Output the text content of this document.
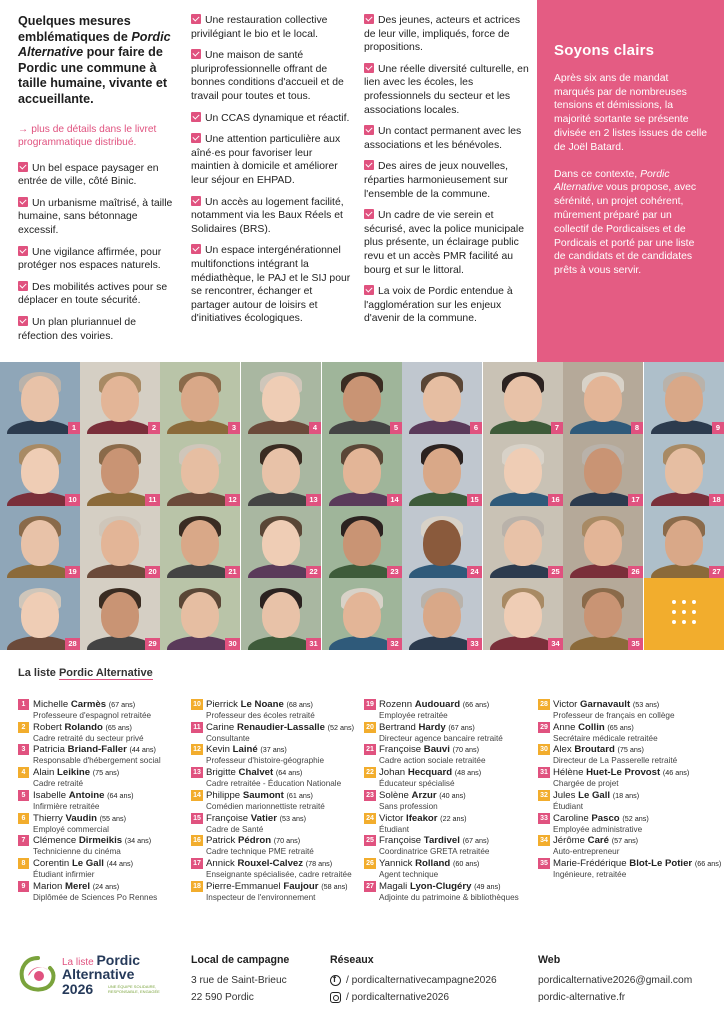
Quelques mesures emblématiques de Pordic Alternative pour faire de Pordic une commune à taille humaine, vivante et accueillante.

→ plus de détails dans le livret programmatique distribué.

Un bel espace paysager en entrée de ville, côté Binic.

Un urbanisme maîtrisé, à taille humaine, sans bétonnage excessif.

Une vigilance affirmée, pour protéger nos espaces naturels.

Des mobilités actives pour se déplacer en toute sécurité.

Un plan pluriannuel de réfection des voiries.

Une restauration collective privilégiant le bio et le local.

Une maison de santé pluriprofessionnelle offrant de bonnes conditions d'accueil et de travail pour toutes et tous.

Un CCAS dynamique et réactif.

Une attention particulière aux aîné·es pour favoriser leur maintien à domicile et améliorer leur séjour en EHPAD.

Un accès au logement facilité, notamment via les Baux Réels et Solidaires (BRS).

Un espace intergénérationnel multifonctions intégrant la médiathèque, le PAJ et le SIJ pour se rencontrer, échanger et partager autour de loisirs et d'initiatives écologiques.

Des jeunes, acteurs et actrices de leur ville, impliqués, force de propositions.

Une réelle diversité culturelle, en lien avec les écoles, les professionnels du secteur et les associations locales.

Un contact permanent avec les associations et les bénévoles.

Des aires de jeux nouvelles, réparties harmonieusement sur l'ensemble de la commune.

Un cadre de vie serein et sécurisé, avec la police municipale plus présente, un éclairage public revu et un accès PMR facilité au bourg et sur le littoral.

La voix de Pordic entendue à l'agglomération sur les enjeux d'avenir de la commune.

Soyons clairs

Après six ans de mandat marqués par de nombreuses tensions et démissions, la majorité sortante se présente divisée en 2 listes issues de celle de Joël Batard.

Dans ce contexte, Pordic Alternative vous propose, avec sérénité, un projet cohérent, mûrement préparé par un collectif de Pordicaises et de Pordicais et porté par une liste de candidats et de candidates prêts à vous servir.

1	2	3	4	5	6	7	8	9
10	11	12	13	14	15	16	17	18
19	20	21	22	23	24	25	26	27
28	29	30	31	32	33	34	35
La liste Pordic Alternative
1 Michelle Carmès (67 ans)
Professeure d'espagnol retraitée
2 Robert Rolando (65 ans)
Cadre retraité du secteur privé
3 Patricia Briand-Faller (44 ans)
Responsable d'hébergement social
4 Alain Leikine (75 ans)
Cadre retraité
5 Isabelle Antoine (64 ans)
Infirmière retraitée
6 Thierry Vaudin (55 ans)
Employé commercial
7 Clémence Dirmeikis (34 ans)
Technicienne du cinéma
8 Corentin Le Gall (44 ans)
Étudiant infirmier
9 Marion Merel (24 ans)
Diplômée de Sciences Po Rennes
10 Pierrick Le Noane (68 ans)
Professeur des écoles retraité
11 Carine Renaudier-Lassalle (52 ans)
Consultante
12 Kevin Lainé (37 ans)
Professeur d'histoire-géographie
13 Brigitte Chalvet (64 ans)
Cadre retraitée - Éducation Nationale
14 Philippe Saumont (61 ans)
Comédien marionnettiste retraité
15 Françoise Vatier (53 ans)
Cadre de Santé
16 Patrick Pédron (70 ans)
Cadre technique PME retraité
17 Annick Rouxel-Calvez (78 ans)
Enseignante spécialisée, cadre retraitée
18 Pierre-Emmanuel Faujour (58 ans)
Inspecteur de l'environnement
19 Rozenn Audouard (66 ans)
Employée retraitée
20 Bertrand Hardy (67 ans)
Directeur agence bancaire retraité
21 Françoise Bauvi (70 ans)
Cadre action sociale retraitée
22 Johan Hecquard (48 ans)
Éducateur spécialisé
23 Solène Arzur (40 ans)
Sans profession
24 Victor Ifeakor (22 ans)
Étudiant
25 Françoise Tardivel (67 ans)
Coordinatrice GRETA retraitée
26 Yannick Rolland (60 ans)
Agent technique
27 Magali Lyon-Clugéry (49 ans)
Adjointe du patrimoine & bibliothèques
28 Victor Garnavault (53 ans)
Professeur de français en collège
29 Anne Collin (65 ans)
Secrétaire médicale retraitée
30 Alex Broutard (75 ans)
Directeur de La Passerelle retraité
31 Hélène Huet-Le Provost (46 ans)
Chargée de projet
32 Jules Le Gall (18 ans)
Étudiant
33 Caroline Pasco (52 ans)
Employée administrative
34 Jérôme Caré (57 ans)
Auto-entrepreneur
35 Marie-Frédérique Blot-Le Potier (66 ans)
Ingénieure, retraitée
La liste Pordic
Alternative
2026	UNE ÉQUIPE SOLIDAIRE, RESPONSABLE, ENGAGÉE
Local de campagne
3 rue de Saint-Brieuc
22 590 Pordic
Réseaux
f
/ pordicalternativecampagne2026
/ pordicalternative2026
Web
pordicalternative2026@gmail.com
pordic-alternative.fr
